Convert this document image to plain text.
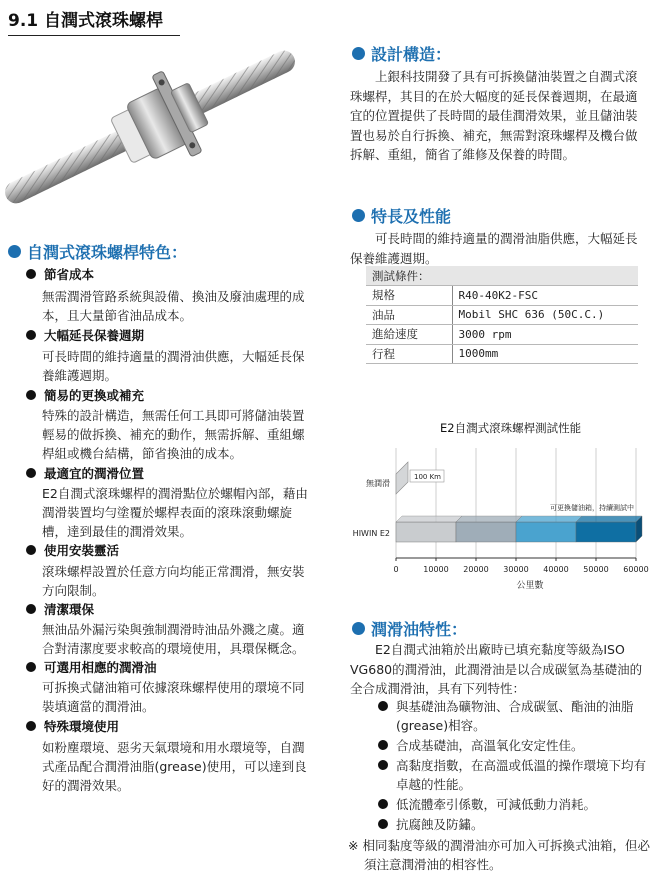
9.1 自潤式滾珠螺桿
自潤式滾珠螺桿特色：
節省成本
無需潤滑管路系統與設備、換油及廢油處理的成本，且大量節省油品成本。
大幅延長保養週期
可長時間的維持適量的潤滑油供應，大幅延長保養維護週期。
簡易的更換或補充
特殊的設計構造，無需任何工具即可將儲油裝置輕易的做拆換、補充的動作，無需拆解、重組螺桿組或機台結構，節省換油的成本。
最適宜的潤滑位置
E2自潤式滾珠螺桿的潤滑點位於螺帽內部，藉由潤滑裝置均勻塗覆於螺桿表面的滾珠滾動螺旋槽，達到最佳的潤滑效果。
使用安裝靈活
滾珠螺桿設置於任意方向均能正常潤滑，無安裝方向限制。
清潔環保
無油品外漏污染與強制潤滑時油品外濺之虞。適合對清潔度要求較高的環境使用，具環保概念。
可選用相應的潤滑油
可拆換式儲油箱可依據滾珠螺桿使用的環境不同裝填適當的潤滑油。
特殊環境使用
如粉塵環境、惡劣天氣環境和用水環境等，自潤式產品配合潤滑油脂(grease)使用，可以達到良好的潤滑效果。
設計構造：
上銀科技開發了具有可拆換儲油裝置之自潤式滾珠螺桿，其目的在於大幅度的延長保養週期，在最適宜的位置提供了長時間的最佳潤滑效果，並且儲油裝置也易於自行拆換、補充，無需對滾珠螺桿及機台做拆解、重組，簡省了維修及保養的時間。
特長及性能
可長時間的維持適量的潤滑油脂供應，大幅延長保養維護週期。
測試條件：	
規格	R40-40K2-FSC
油品	Mobil SHC 636 (50C.C.)
進給速度	3000 rpm
行程	1000mm
E2自潤式滾珠螺桿測試性能
0	10000 20000 30000 40000 50000 60000
公里數
無潤滑
100 Km
HIWIN E2
可更換儲油箱，持續測試中
潤滑油特性：
E2自潤式油箱於出廠時已填充黏度等級為ISO VG680的潤滑油，此潤滑油是以合成碳氫為基礎油的全合成潤滑油，具有下列特性：
與基礎油為礦物油、合成碳氫、酯油的油脂(grease)相容。
合成基礎油，高溫氧化安定性佳。
高黏度指數，在高溫或低溫的操作環境下均有卓越的性能。
低流體牽引係數，可減低動力消耗。
抗腐蝕及防鏽。
※ 相同黏度等級的潤滑油亦可加入可拆換式油箱，但必須注意潤滑油的相容性。
